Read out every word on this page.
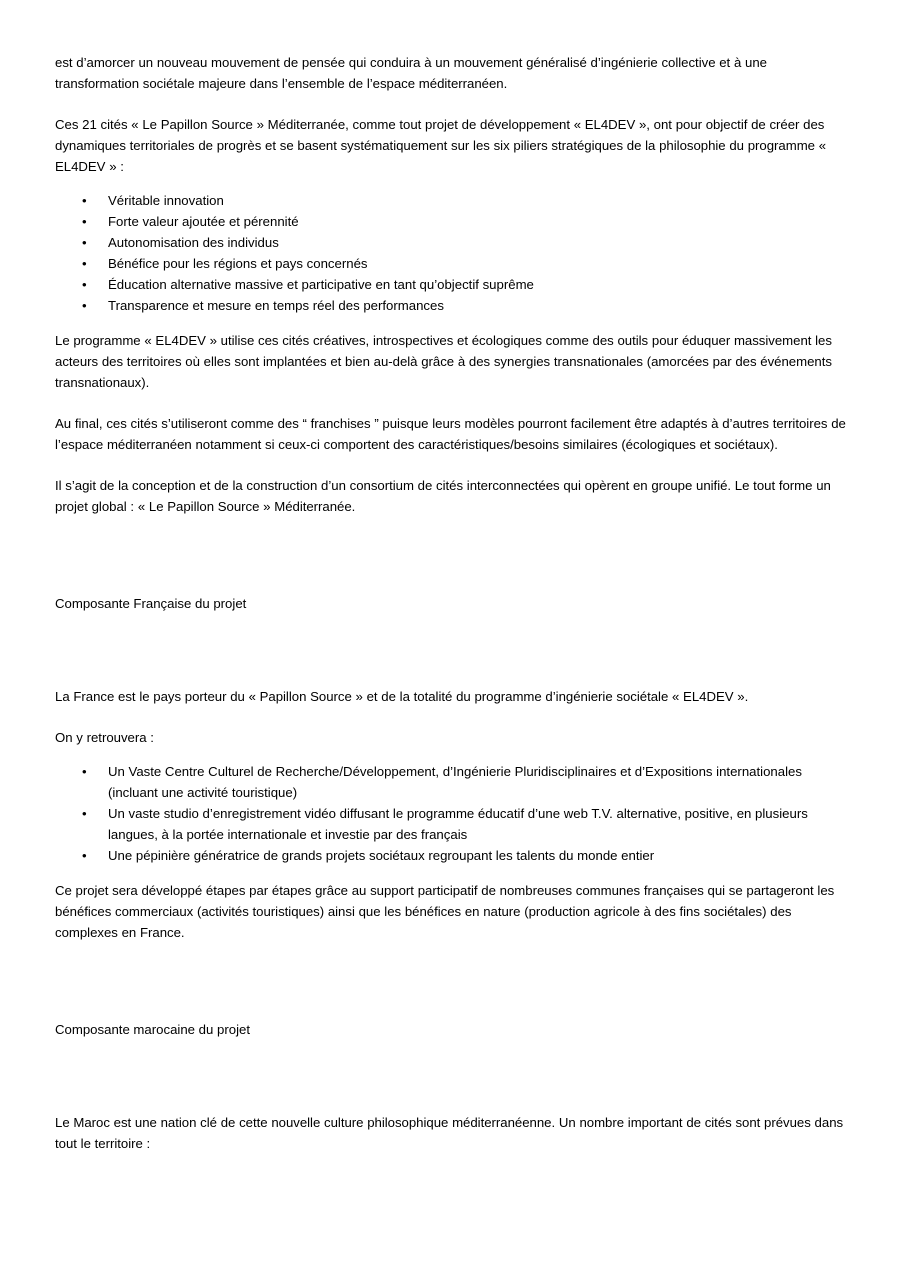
est d’amorcer un nouveau mouvement de pensée qui conduira à un mouvement généralisé d’ingénierie collective et à une transformation sociétale majeure dans l’ensemble de l’espace méditerranéen.

Ces 21 cités « Le Papillon Source » Méditerranée, comme tout projet de développement « EL4DEV », ont pour objectif de créer des dynamiques territoriales de progrès et se basent systématiquement sur les six piliers stratégiques de la philosophie du programme « EL4DEV » :

•	Véritable innovation
•	Forte valeur ajoutée et pérennité
•	Autonomisation des individus
•	Bénéfice pour les régions et pays concernés
•	Éducation alternative massive et participative en tant qu’objectif suprême
•	Transparence et mesure en temps réel des performances

Le programme « EL4DEV » utilise ces cités créatives, introspectives et écologiques comme des outils pour éduquer massivement les acteurs des territoires où elles sont implantées et bien au-delà grâce à des synergies transnationales (amorcées par des événements transnationaux).

Au final, ces cités s’utiliseront comme des “ franchises ” puisque leurs modèles pourront facilement être adaptés à d’autres territoires de l’espace méditerranéen notamment si ceux-ci comportent des caractéristiques/besoins similaires (écologiques et sociétaux).

Il s’agit de la conception et de la construction d’un consortium de cités interconnectées qui opèrent en groupe unifié. Le tout forme un projet global : « Le Papillon Source » Méditerranée.

Composante Française du projet

La France est le pays porteur du « Papillon Source » et de la totalité du programme d’ingénierie sociétale « EL4DEV ».

On y retrouvera :

•	Un Vaste Centre Culturel de Recherche/Développement, d’Ingénierie Pluridisciplinaires et d’Expositions internationales (incluant une activité touristique)
•	Un vaste studio d’enregistrement vidéo diffusant le programme éducatif d’une web T.V. alternative, positive, en plusieurs langues, à la portée internationale et investie par des français
•	Une pépinière génératrice de grands projets sociétaux regroupant les talents du monde entier

Ce projet sera développé étapes par étapes grâce au support participatif de nombreuses communes françaises qui se partageront les bénéfices commerciaux (activités touristiques) ainsi que les bénéfices en nature (production agricole à des fins sociétales) des complexes en France.

Composante marocaine du projet

Le Maroc est une nation clé de cette nouvelle culture philosophique méditerranéenne. Un nombre important de cités sont prévues dans tout le territoire :
